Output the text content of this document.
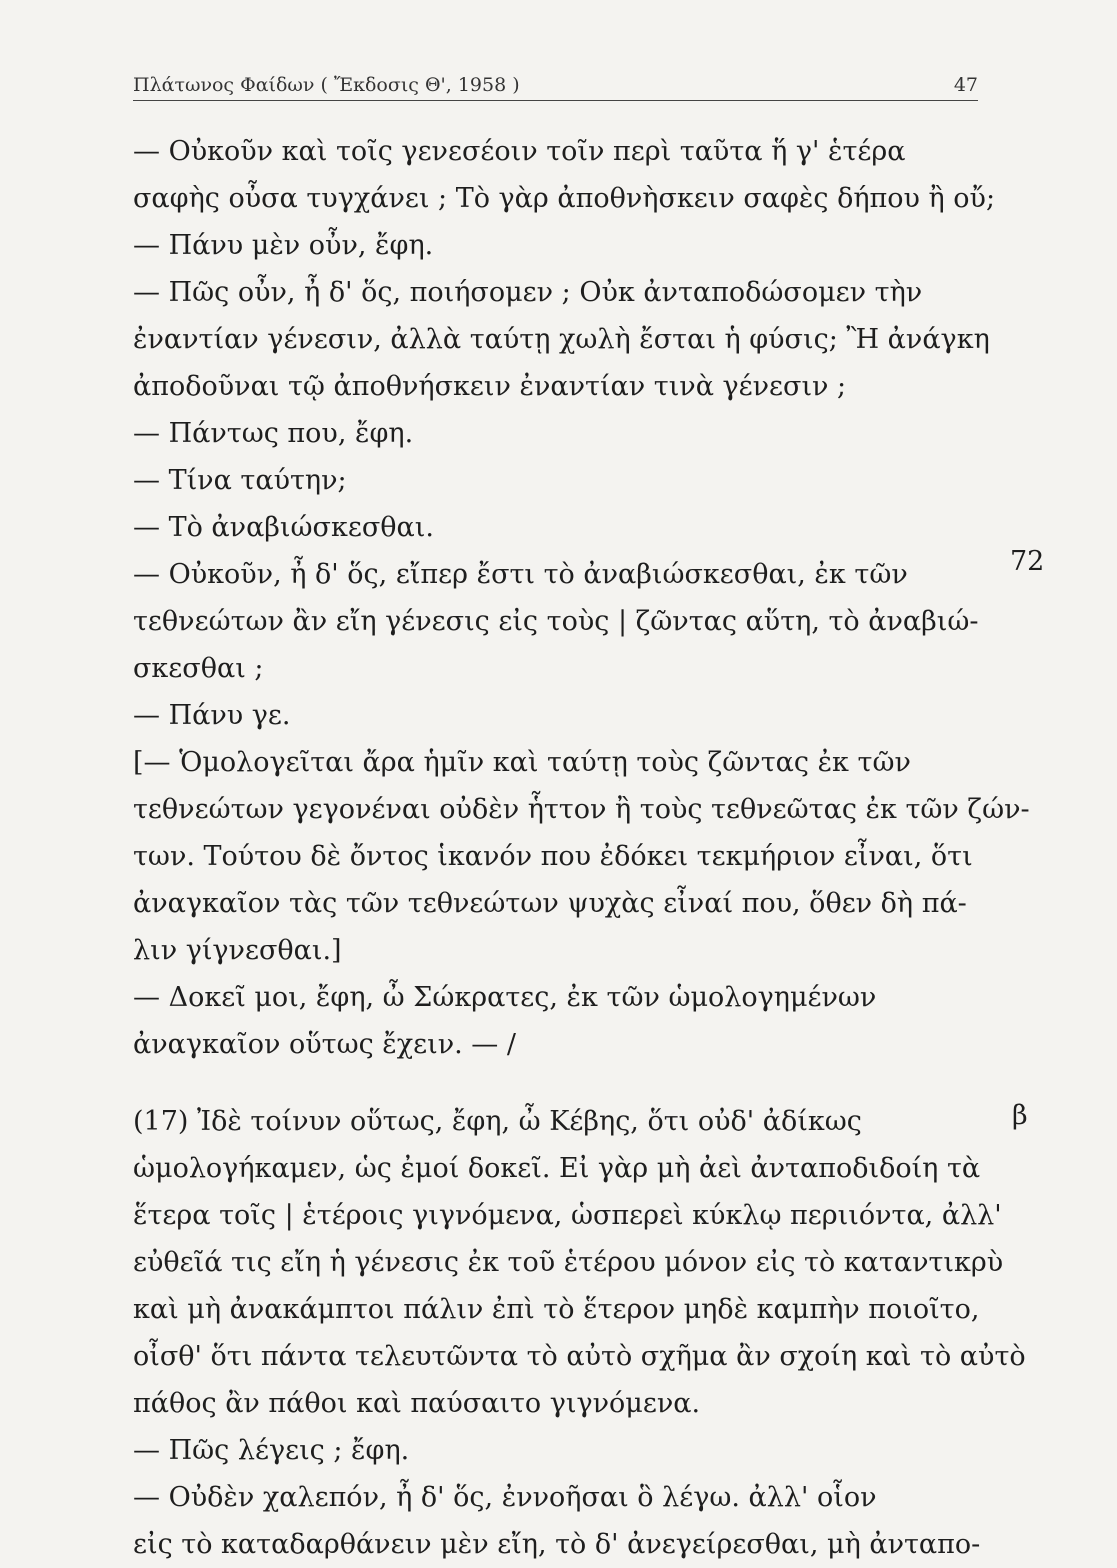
Πλάτωνος Φαίδων ( Ἔκδοσις Θ', 1958 )	47
— Οὐκοῦν καὶ τοῖς γενεσέοιν τοῖν περὶ ταῦτα ἥ γ' ἑτέρα
σαφὴς οὖσα τυγχάνει ; Τὸ γὰρ ἀποθνὴσκειν σαφὲς δήπου ἢ οὔ;
— Πάνυ μὲν οὖν, ἔφη.
— Πῶς οὖν, ἦ δ' ὅς, ποιήσομεν ; Οὐκ ἀνταποδώσομεν τὴν
ἐναντίαν γένεσιν, ἀλλὰ ταύτῃ χωλὴ ἔσται ἡ φύσις; Ἢ ἀνάγκη
ἀποδοῦναι τῷ ἀποθνήσκειν ἐναντίαν τινὰ γένεσιν ;
— Πάντως που, ἔφη.
— Τίνα ταύτην;
— Τὸ ἀναβιώσκεσθαι.
— Οὐκοῦν, ἦ δ' ὅς, εἴπερ ἔστι τὸ ἀναβιώσκεσθαι, ἐκ τῶν
τεθνεώτων ἂν εἴη γένεσις εἰς τοὺς | ζῶντας αὕτη, τὸ ἀναβιώ-
σκεσθαι ;
— Πάνυ γε.
[— Ὁμολογεῖται ἄρα ἡμῖν καὶ ταύτῃ τοὺς ζῶντας ἐκ τῶν
τεθνεώτων γεγονέναι οὐδὲν ἧττον ἢ τοὺς τεθνεῶτας ἐκ τῶν ζών-
των. Τούτου δὲ ὄντος ἱκανόν που ἐδόκει τεκμήριον εἶναι, ὅτι
ἀναγκαῖον τὰς τῶν τεθνεώτων ψυχὰς εἶναί που, ὅθεν δὴ πά-
λιν γίγνεσθαι.]
— Δοκεῖ μοι, ἔφη, ὦ Σώκρατες, ἐκ τῶν ὡμολογημένων
ἀναγκαῖον οὕτως ἔχειν. — /
(17) Ἰδὲ τοίνυν οὕτως, ἔφη, ὦ Κέβης, ὅτι οὐδ' ἀδίκως
ὡμολογήκαμεν, ὡς ἐμοί δοκεῖ. Εἰ γὰρ μὴ ἀεὶ ἀνταποδιδοίη τὰ
ἕτερα τοῖς | ἑτέροις γιγνόμενα, ὡσπερεὶ κύκλῳ περιιόντα, ἀλλ'
εὐθεῖά τις εἴη ἡ γένεσις ἐκ τοῦ ἑτέρου μόνον εἰς τὸ καταντικρὺ
καὶ μὴ ἀνακάμπτοι πάλιν ἐπὶ τὸ ἕτερον μηδὲ καμπὴν ποιοῖτο,
οἶσθ' ὅτι πάντα τελευτῶντα τὸ αὐτὸ σχῆμα ἂν σχοίη καὶ τὸ αὐτὸ
πάθος ἂν πάθοι καὶ παύσαιτο γιγνόμενα.
— Πῶς λέγεις ; ἔφη.
— Οὐδὲν χαλεπόν, ἦ δ' ὅς, ἐννοῆσαι ὃ λέγω. ἀλλ' οἷον
εἰς τὸ καταδαρθάνειν μὲν εἴη, τὸ δ' ἀνεγείρεσθαι, μὴ ἀνταπο-
72
β
